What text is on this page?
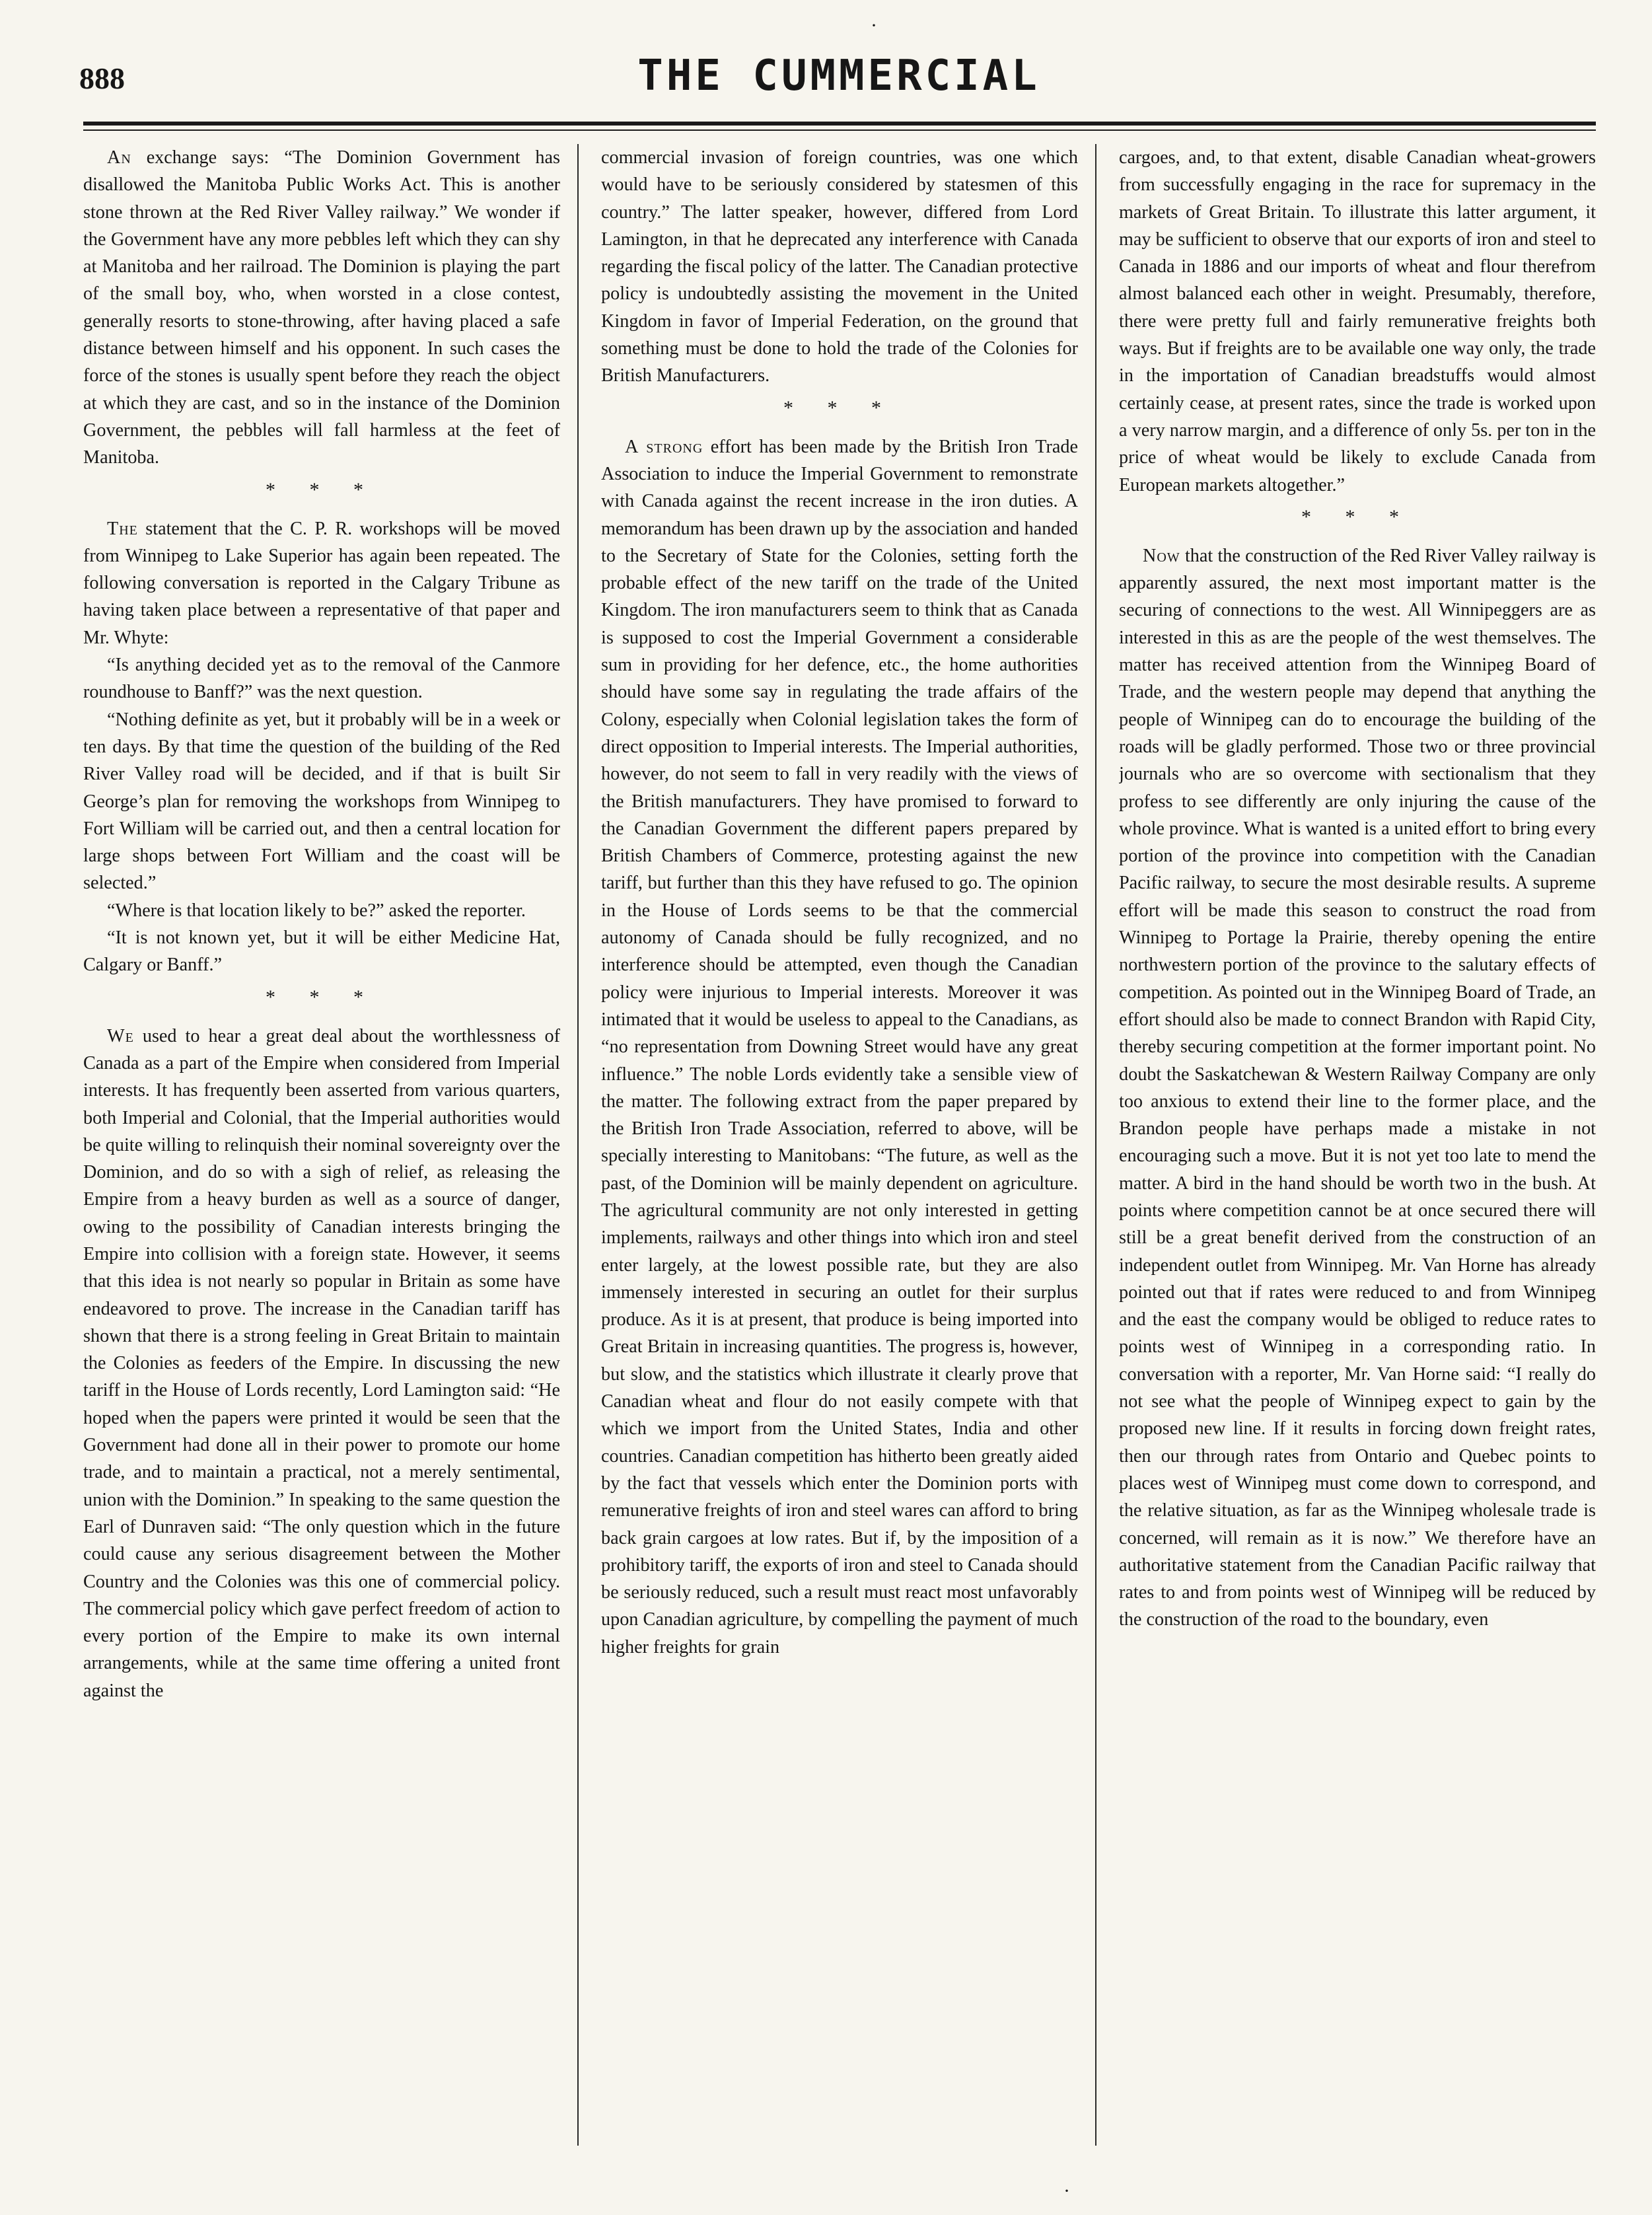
·
888	THE CUMMERCIAL

An exchange says: “The Dominion Government has disallowed the Manitoba Public Works Act. This is another stone thrown at the Red River Valley railway.” We wonder if the Government have any more pebbles left which they can shy at Manitoba and her railroad. The Dominion is playing the part of the small boy, who, when worsted in a close contest, generally resorts to stone-throwing, after having placed a safe distance between himself and his opponent. In such cases the force of the stones is usually spent before they reach the object at which they are cast, and so in the instance of the Dominion Government, the pebbles will fall harmless at the feet of Manitoba.

* * *

The statement that the C. P. R. workshops will be moved from Winnipeg to Lake Superior has again been repeated. The following conversation is reported in the Calgary Tribune as having taken place between a representative of that paper and Mr. Whyte:

“Is anything decided yet as to the removal of the Canmore roundhouse to Banff?” was the next question.

“Nothing definite as yet, but it probably will be in a week or ten days. By that time the question of the building of the Red River Valley road will be decided, and if that is built Sir George’s plan for removing the workshops from Winnipeg to Fort William will be carried out, and then a central location for large shops between Fort William and the coast will be selected.”

“Where is that location likely to be?” asked the reporter.

“It is not known yet, but it will be either Medicine Hat, Calgary or Banff.”

* * *

We used to hear a great deal about the worthlessness of Canada as a part of the Empire when considered from Imperial interests. It has frequently been asserted from various quarters, both Imperial and Colonial, that the Imperial authorities would be quite willing to relinquish their nominal sovereignty over the Dominion, and do so with a sigh of relief, as releasing the Empire from a heavy burden as well as a source of danger, owing to the possibility of Canadian interests bringing the Empire into collision with a foreign state. However, it seems that this idea is not nearly so popular in Britain as some have endeavored to prove. The increase in the Canadian tariff has shown that there is a strong feeling in Great Britain to maintain the Colonies as feeders of the Empire. In discussing the new tariff in the House of Lords recently, Lord Lamington said: “He hoped when the papers were printed it would be seen that the Government had done all in their power to promote our home trade, and to maintain a practical, not a merely sentimental, union with the Dominion.” In speaking to the same question the Earl of Dunraven said: “The only question which in the future could cause any serious disagreement between the Mother Country and the Colonies was this one of commercial policy. The commercial policy which gave perfect freedom of action to every portion of the Empire to make its own internal arrangements, while at the same time offering a united front against the

commercial invasion of foreign countries, was one which would have to be seriously considered by statesmen of this country.” The latter speaker, however, differed from Lord Lamington, in that he deprecated any interference with Canada regarding the fiscal policy of the latter. The Canadian protective policy is undoubtedly assisting the movement in the United Kingdom in favor of Imperial Federation, on the ground that something must be done to hold the trade of the Colonies for British Manufacturers.

* * *

A strong effort has been made by the British Iron Trade Association to induce the Imperial Government to remonstrate with Canada against the recent increase in the iron duties. A memorandum has been drawn up by the association and handed to the Secretary of State for the Colonies, setting forth the probable effect of the new tariff on the trade of the United Kingdom. The iron manufacturers seem to think that as Canada is supposed to cost the Imperial Government a considerable sum in providing for her defence, etc., the home authorities should have some say in regulating the trade affairs of the Colony, especially when Colonial legislation takes the form of direct opposition to Imperial interests. The Imperial authorities, however, do not seem to fall in very readily with the views of the British manufacturers. They have promised to forward to the Canadian Government the different papers prepared by British Chambers of Commerce, protesting against the new tariff, but further than this they have refused to go. The opinion in the House of Lords seems to be that the commercial autonomy of Canada should be fully recognized, and no interference should be attempted, even though the Canadian policy were injurious to Imperial interests. Moreover it was intimated that it would be useless to appeal to the Canadians, as “no representation from Downing Street would have any great influence.” The noble Lords evidently take a sensible view of the matter. The following extract from the paper prepared by the British Iron Trade Association, referred to above, will be specially interesting to Manitobans: “The future, as well as the past, of the Dominion will be mainly dependent on agriculture. The agricultural community are not only interested in getting implements, railways and other things into which iron and steel enter largely, at the lowest possible rate, but they are also immensely interested in securing an outlet for their surplus produce. As it is at present, that produce is being imported into Great Britain in increasing quantities. The progress is, however, but slow, and the statistics which illustrate it clearly prove that Canadian wheat and flour do not easily compete with that which we import from the United States, India and other countries. Canadian competition has hitherto been greatly aided by the fact that vessels which enter the Dominion ports with remunerative freights of iron and steel wares can afford to bring back grain cargoes at low rates. But if, by the imposition of a prohibitory tariff, the exports of iron and steel to Canada should be seriously reduced, such a result must react most unfavorably upon Canadian agriculture, by compelling the payment of much higher freights for grain

cargoes, and, to that extent, disable Canadian wheat-growers from successfully engaging in the race for supremacy in the markets of Great Britain. To illustrate this latter argument, it may be sufficient to observe that our exports of iron and steel to Canada in 1886 and our imports of wheat and flour therefrom almost balanced each other in weight. Presumably, therefore, there were pretty full and fairly remunerative freights both ways. But if freights are to be available one way only, the trade in the importation of Canadian breadstuffs would almost certainly cease, at present rates, since the trade is worked upon a very narrow margin, and a difference of only 5s. per ton in the price of wheat would be likely to exclude Canada from European markets altogether.”

* * *

Now that the construction of the Red River Valley railway is apparently assured, the next most important matter is the securing of connections to the west. All Winnipeggers are as interested in this as are the people of the west themselves. The matter has received attention from the Winnipeg Board of Trade, and the western people may depend that anything the people of Winnipeg can do to encourage the building of the roads will be gladly performed. Those two or three provincial journals who are so overcome with sectionalism that they profess to see differently are only injuring the cause of the whole province. What is wanted is a united effort to bring every portion of the province into competition with the Canadian Pacific railway, to secure the most desirable results. A supreme effort will be made this season to construct the road from Winnipeg to Portage la Prairie, thereby opening the entire northwestern portion of the province to the salutary effects of competition. As pointed out in the Winnipeg Board of Trade, an effort should also be made to connect Brandon with Rapid City, thereby securing competition at the former important point. No doubt the Saskatchewan & Western Railway Company are only too anxious to extend their line to the former place, and the Brandon people have perhaps made a mistake in not encouraging such a move. But it is not yet too late to mend the matter. A bird in the hand should be worth two in the bush. At points where competition cannot be at once secured there will still be a great benefit derived from the construction of an independent outlet from Winnipeg. Mr. Van Horne has already pointed out that if rates were reduced to and from Winnipeg and the east the company would be obliged to reduce rates to points west of Winnipeg in a corresponding ratio. In conversation with a reporter, Mr. Van Horne said: “I really do not see what the people of Winnipeg expect to gain by the proposed new line. If it results in forcing down freight rates, then our through rates from Ontario and Quebec points to places west of Winnipeg must come down to correspond, and the relative situation, as far as the Winnipeg wholesale trade is concerned, will remain as it is now.” We therefore have an authoritative statement from the Canadian Pacific railway that rates to and from points west of Winnipeg will be reduced by the construction of the road to the boundary, even

·
